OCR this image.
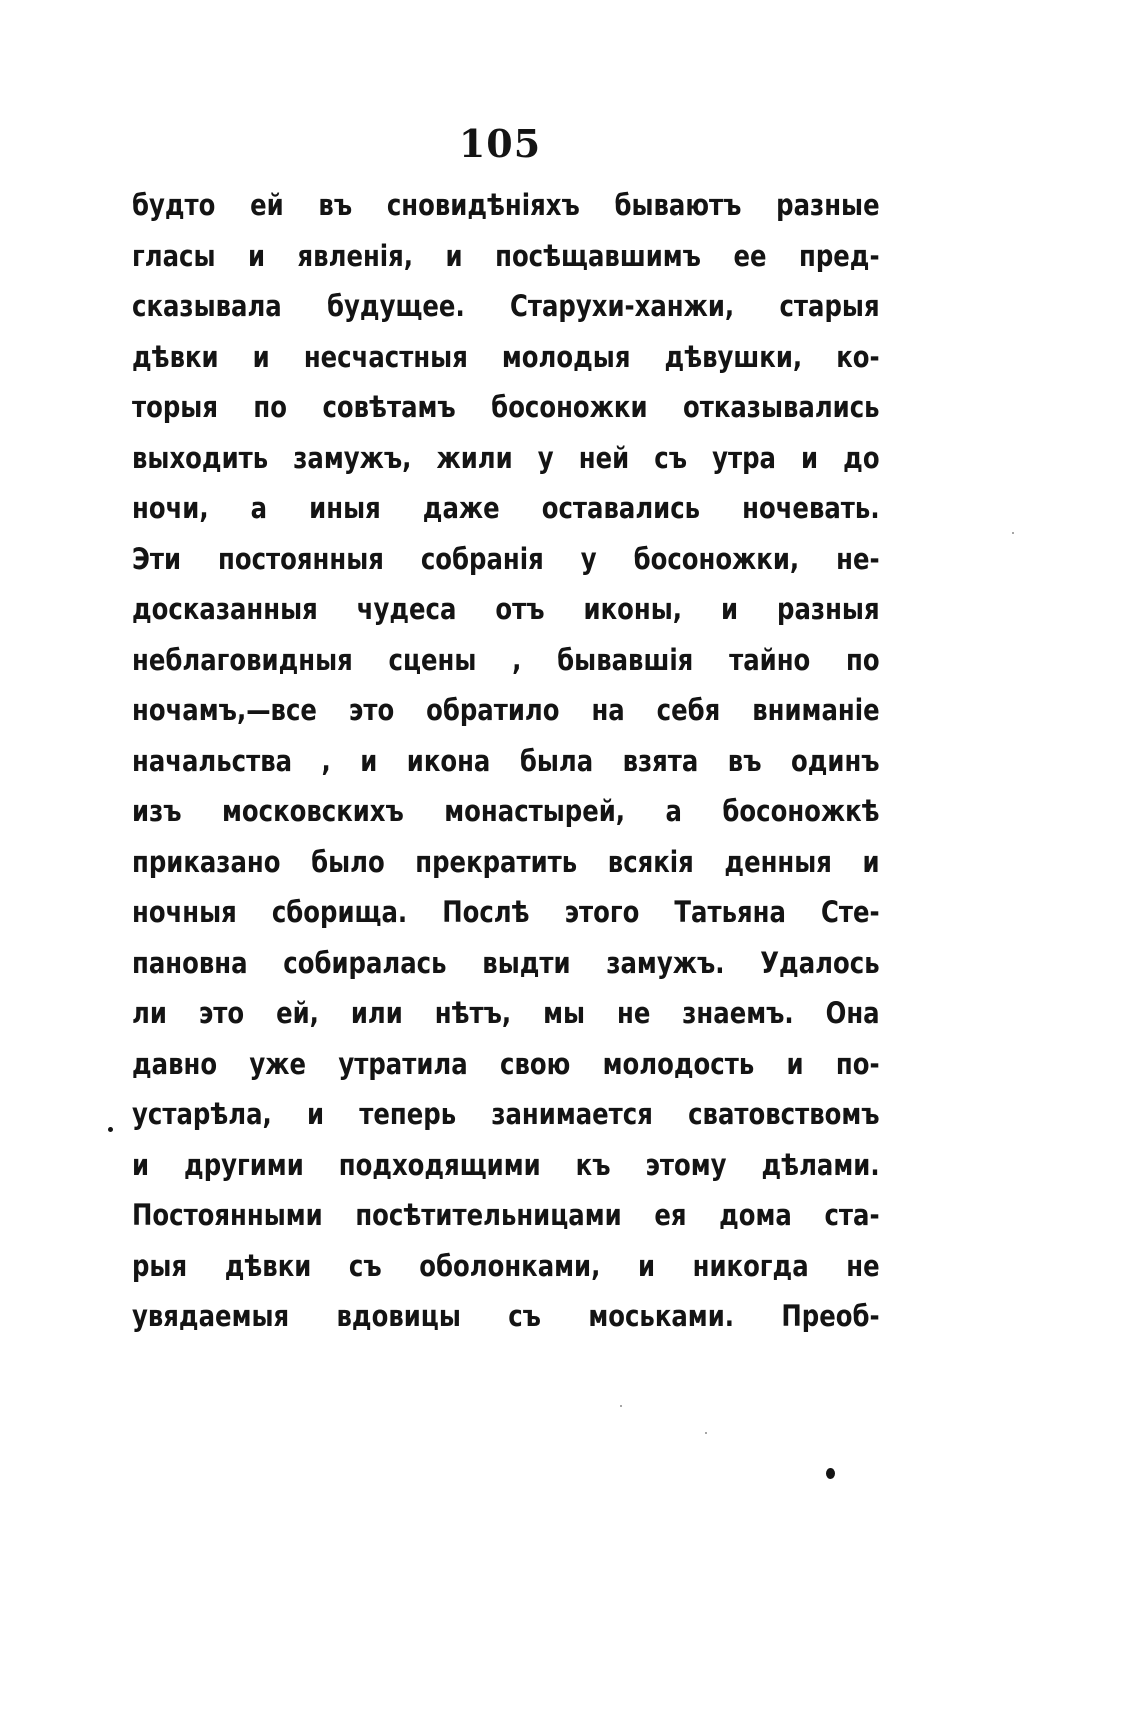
105
будто ей въ сновидѣніяхъ бываютъ разные
гласы и явленія, и посѣщавшимъ ее пред-
сказывала будущее. Старухи-ханжи, старыя
дѣвки и несчастныя молодыя дѣвушки, ко-
торыя по совѣтамъ босоножки отказывались
выходить замужъ, жили у ней съ утра и до
ночи, а иныя даже оставались ночевать.
Эти постоянныя собранія у босоножки, не-
досказанныя чудеса отъ иконы, и разныя
неблаговидныя сцены , бывавшія тайно по
ночамъ,—все это обратило на себя вниманіе
начальства , и икона была взята въ одинъ
изъ московскихъ монастырей, а босоножкѣ
приказано было прекратить всякія денныя и
ночныя сборища. Послѣ этого Татьяна Сте-
пановна собиралась выдти замужъ. Удалось
ли это ей, или нѣтъ, мы не знаемъ. Она
давно уже утратила свою молодость и по-
устарѣла, и теперь занимается сватовствомъ
и другими подходящими къ этому дѣлами.
Постоянными посѣтительницами ея дома ста-
рыя дѣвки съ оболонками, и никогда не
увядаемыя вдовицы съ моськами. Преоб-
